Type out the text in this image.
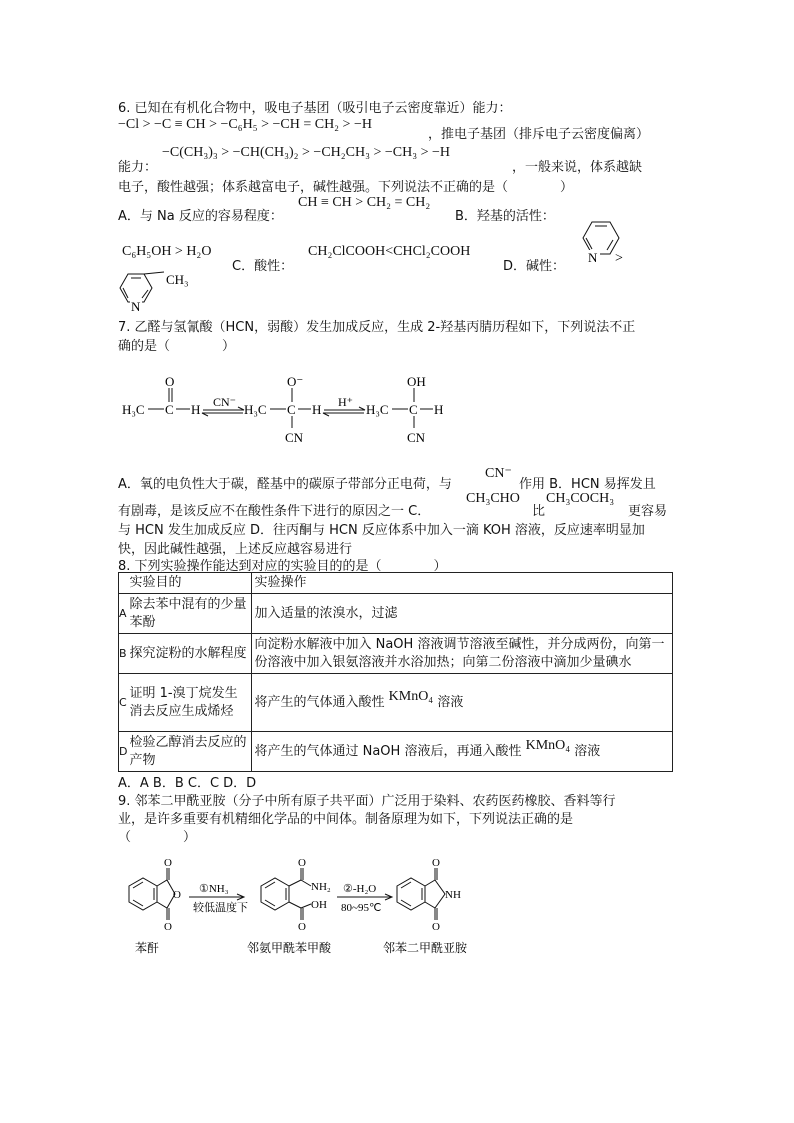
6. 已知在有机化合物中，吸电子基团（吸引电子云密度靠近）能力：
−Cl > −C ≡ CH > −C₆H₅ > −CH = CH₂ > −H
，推电子基团（排斥电子云密度偏离）
能力：
−C(CH₃)₃ > −CH(CH₃)₂ > −CH₂CH₃ > −CH₃ > −H
，一般来说，体系越缺
电子，酸性越强；体系越富电子，碱性越强。下列说法不正确的是（　　　　）
A．与 Na 反应的容易程度：
CH ≡ CH > CH₂ = CH₂
B．羟基的活性：
C₆H₅OH > H₂O
C．酸性：
CH₂ClCOOH<CHCl₂COOH
D．碱性：
N >
N
CH₃
7. 乙醛与氢氰酸（HCN，弱酸）发生加成反应，生成 2-羟基丙腈历程如下，下列说法不正
确的是（　　　　）
H₃C C
O
H CN⁻ H₃C C
O⁻
CN
H H⁺ H₃C C
OH
CN
H
A．氧的电负性大于碳，醛基中的碳原子带部分正电荷，与
CN⁻
作用 B．HCN 易挥发且
有剧毒，是该反应不在酸性条件下进行的原因之一 C．
CH₃CHO
比
CH₃COCH₃
更容易
与 HCN 发生加成反应 D．往丙酮与 HCN 反应体系中加入一滴 KOH 溶液，反应速率明显加
快，因此碱性越强，上述反应越容易进行
8. 下列实验操作能达到对应的实验目的的是（　　　　）
	实验目的	实验操作
A	除去苯中混有的少量苯酚	加入适量的浓溴水，过滤
B	探究淀粉的水解程度	向淀粉水解液中加入 NaOH 溶液调节溶液至碱性，并分成两份，向第一份溶液中加入银氨溶液并水浴加热；向第二份溶液中滴加少量碘水
C	证明 1-溴丁烷发生消去反应生成烯烃	将产生的气体通入酸性 KMnO₄ 溶液
D	检验乙醇消去反应的产物	将产生的气体通过 NaOH 溶液后，再通入酸性 KMnO₄ 溶液
A．A B．B C．C D．D
9. 邻苯二甲酰亚胺（分子中所有原子共平面）广泛用于染料、农药医药橡胶、香料等行
业，是许多重要有机精细化学品的中间体。制备原理为如下，下列说法正确的是
（　　　　）
O
O
O
①NH₃
较低温度下
O
NH₂
O
OH
②-H₂O
80~95℃
O
NH
O
苯酐	邻氨甲酰苯甲酸	邻苯二甲酰亚胺
